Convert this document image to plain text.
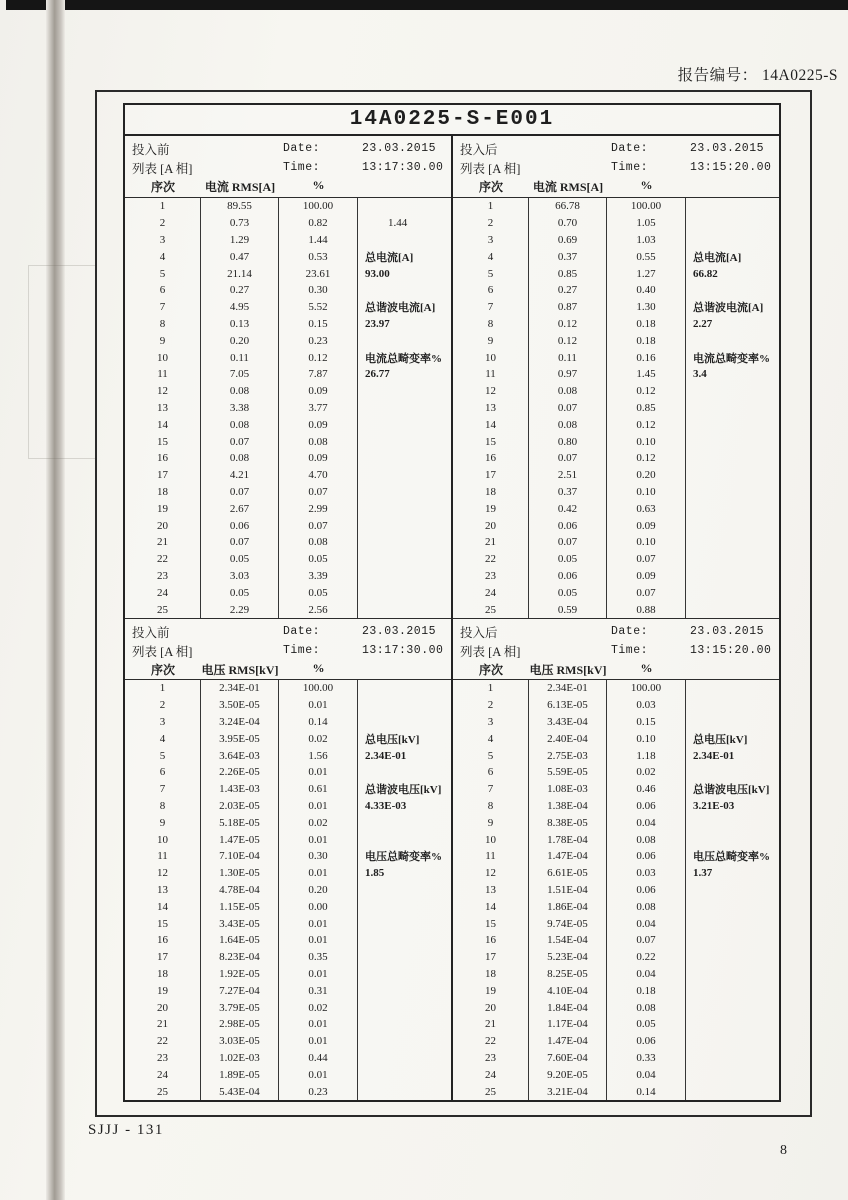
报告编号： 14A0225-S
14A0225-S-E001
投入前	Date:	23.03.2015
列表 [A 相]	Time:	13:17:30.00
序次	电流 RMS[A]	%
1	89.55	100.00
2	0.73	0.82	1.44
3	1.29	1.44
4	0.47	0.53	总电流[A]
5	21.14	23.61	93.00
6	0.27	0.30
7	4.95	5.52	总谐波电流[A]
8	0.13	0.15	23.97
9	0.20	0.23
10	0.11	0.12	电流总畸变率%
11	7.05	7.87	26.77
12	0.08	0.09
13	3.38	3.77
14	0.08	0.09
15	0.07	0.08
16	0.08	0.09
17	4.21	4.70
18	0.07	0.07
19	2.67	2.99
20	0.06	0.07
21	0.07	0.08
22	0.05	0.05
23	3.03	3.39
24	0.05	0.05
25	2.29	2.56
投入前	Date:	23.03.2015
列表 [A 相]	Time:	13:17:30.00
序次	电压 RMS[kV]	%
1	2.34E-01	100.00
2	3.50E-05	0.01
3	3.24E-04	0.14
4	3.95E-05	0.02	总电压[kV]
5	3.64E-03	1.56	2.34E-01
6	2.26E-05	0.01
7	1.43E-03	0.61	总谐波电压[kV]
8	2.03E-05	0.01	4.33E-03
9	5.18E-05	0.02
10	1.47E-05	0.01
11	7.10E-04	0.30	电压总畸变率%
12	1.30E-05	0.01	1.85
13	4.78E-04	0.20
14	1.15E-05	0.00
15	3.43E-05	0.01
16	1.64E-05	0.01
17	8.23E-04	0.35
18	1.92E-05	0.01
19	7.27E-04	0.31
20	3.79E-05	0.02
21	2.98E-05	0.01
22	3.03E-05	0.01
23	1.02E-03	0.44
24	1.89E-05	0.01
25	5.43E-04	0.23
投入后	Date:	23.03.2015
列表 [A 相]	Time:	13:15:20.00
序次	电流 RMS[A]	%
1	66.78	100.00
2	0.70	1.05
3	0.69	1.03
4	0.37	0.55	总电流[A]
5	0.85	1.27	66.82
6	0.27	0.40
7	0.87	1.30	总谐波电流[A]
8	0.12	0.18	2.27
9	0.12	0.18
10	0.11	0.16	电流总畸变率%
11	0.97	1.45	3.4
12	0.08	0.12
13	0.07	0.85
14	0.08	0.12
15	0.80	0.10
16	0.07	0.12
17	2.51	0.20
18	0.37	0.10
19	0.42	0.63
20	0.06	0.09
21	0.07	0.10
22	0.05	0.07
23	0.06	0.09
24	0.05	0.07
25	0.59	0.88
投入后	Date:	23.03.2015
列表 [A 相]	Time:	13:15:20.00
序次	电压 RMS[kV]	%
1	2.34E-01	100.00
2	6.13E-05	0.03
3	3.43E-04	0.15
4	2.40E-04	0.10	总电压[kV]
5	2.75E-03	1.18	2.34E-01
6	5.59E-05	0.02
7	1.08E-03	0.46	总谐波电压[kV]
8	1.38E-04	0.06	3.21E-03
9	8.38E-05	0.04
10	1.78E-04	0.08
11	1.47E-04	0.06	电压总畸变率%
12	6.61E-05	0.03	1.37
13	1.51E-04	0.06
14	1.86E-04	0.08
15	9.74E-05	0.04
16	1.54E-04	0.07
17	5.23E-04	0.22
18	8.25E-05	0.04
19	4.10E-04	0.18
20	1.84E-04	0.08
21	1.17E-04	0.05
22	1.47E-04	0.06
23	7.60E-04	0.33
24	9.20E-05	0.04
25	3.21E-04	0.14
SJJJ - 131
8
